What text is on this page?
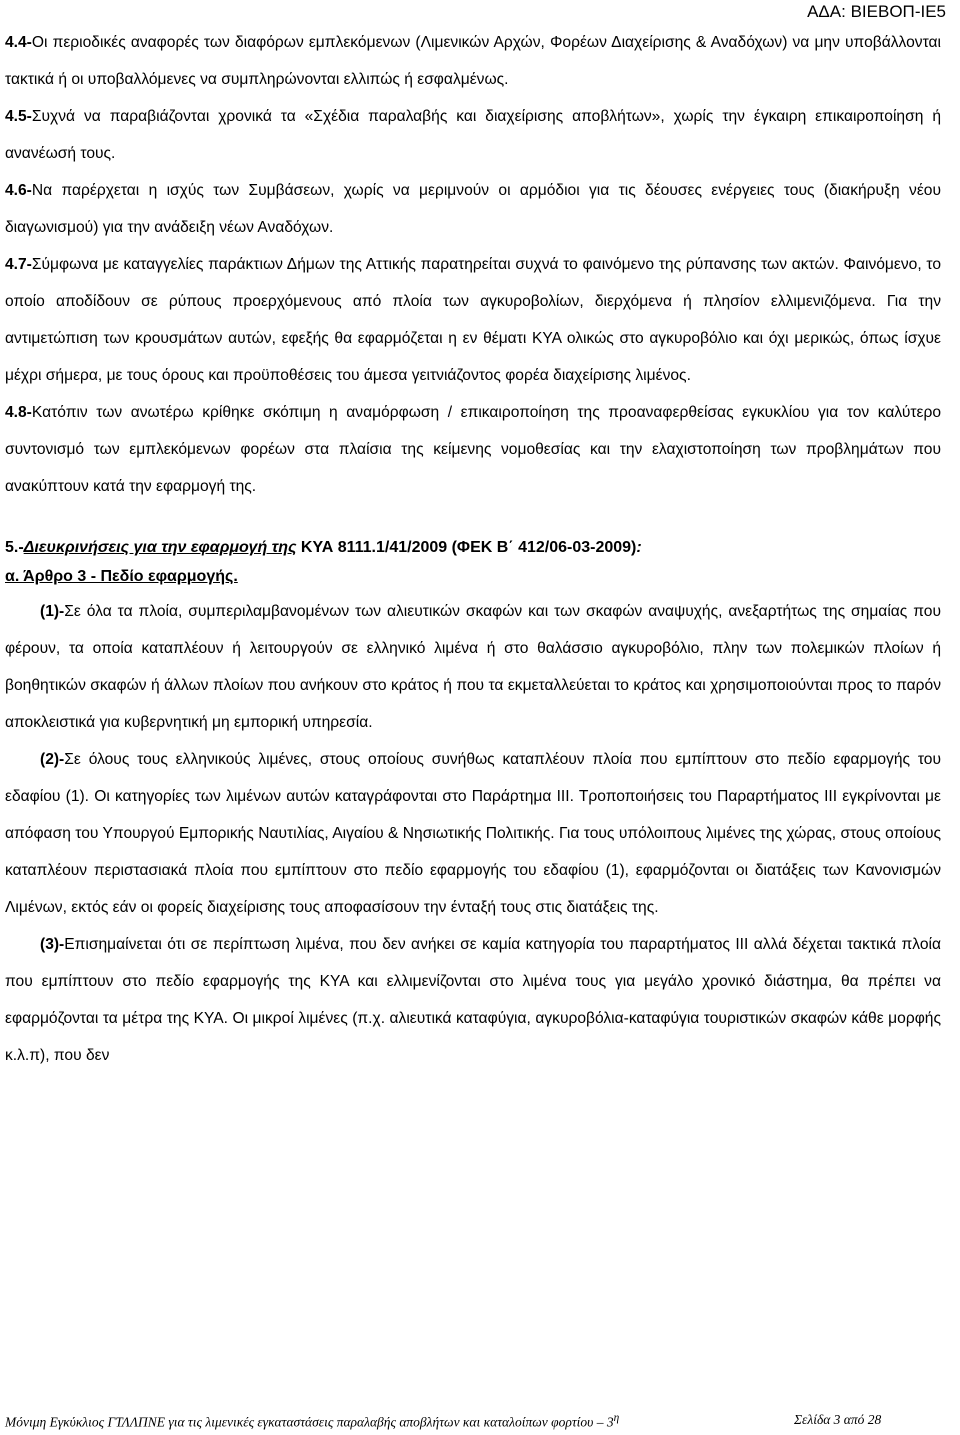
ΑΔΑ: ΒΙΕΒΟΠ-ΙΕ5

4.4-Οι περιοδικές αναφορές των διαφόρων εμπλεκόμενων (Λιμενικών Αρχών, Φορέων Διαχείρισης & Αναδόχων) να μην υποβάλλονται τακτικά ή οι υποβαλλόμενες να συμπληρώνονται ελλιπώς ή εσφαλμένως.

4.5-Συχνά να παραβιάζονται χρονικά τα «Σχέδια παραλαβής και διαχείρισης αποβλήτων», χωρίς την έγκαιρη επικαιροποίηση ή ανανέωσή τους.

4.6-Να παρέρχεται η ισχύς των Συμβάσεων, χωρίς να μεριμνούν οι αρμόδιοι για τις δέουσες ενέργειες τους (διακήρυξη νέου διαγωνισμού) για την ανάδειξη νέων Αναδόχων.

4.7-Σύμφωνα με καταγγελίες παράκτιων Δήμων της Αττικής παρατηρείται συχνά το φαινόμενο της ρύπανσης των ακτών. Φαινόμενο, το οποίο αποδίδουν σε ρύπους προερχόμενους από πλοία των αγκυροβολίων, διερχόμενα ή πλησίον ελλιμενιζόμενα. Για την αντιμετώπιση των κρουσμάτων αυτών, εφεξής θα εφαρμόζεται η εν θέματι ΚΥΑ ολικώς στο αγκυροβόλιο και όχι μερικώς, όπως ίσχυε μέχρι σήμερα, με τους όρους και προϋποθέσεις του άμεσα γειτνιάζοντος φορέα διαχείρισης λιμένος.

4.8-Κατόπιν των ανωτέρω κρίθηκε σκόπιμη η αναμόρφωση / επικαιροποίηση της προαναφερθείσας εγκυκλίου για τον καλύτερο συντονισμό των εμπλεκόμενων φορέων στα πλαίσια της κείμενης νομοθεσίας και την ελαχιστοποίηση των προβλημάτων που ανακύπτουν κατά την εφαρμογή της.

5.-Διευκρινήσεις για την εφαρμογή της ΚΥΑ 8111.1/41/2009 (ΦΕΚ Β΄ 412/06-03-2009):

α. Άρθρο 3 - Πεδίο εφαρμογής.

(1)-Σε όλα τα πλοία, συμπεριλαμβανομένων των αλιευτικών σκαφών και των σκαφών αναψυχής, ανεξαρτήτως της σημαίας που φέρουν, τα οποία καταπλέουν ή λειτουργούν σε ελληνικό λιμένα ή στο θαλάσσιο αγκυροβόλιο, πλην των πολεμικών πλοίων ή βοηθητικών σκαφών ή άλλων πλοίων που ανήκουν στο κράτος ή που τα εκμεταλλεύεται το κράτος και χρησιμοποιούνται προς το παρόν αποκλειστικά για κυβερνητική μη εμπορική υπηρεσία.

(2)-Σε όλους τους ελληνικούς λιμένες, στους οποίους συνήθως καταπλέουν πλοία που εμπίπτουν στο πεδίο εφαρμογής του εδαφίου (1). Οι κατηγορίες των λιμένων αυτών καταγράφονται στο Παράρτημα ΙΙΙ. Τροποποιήσεις του Παραρτήματος ΙΙΙ εγκρίνονται με απόφαση του Υπουργού Εμπορικής Ναυτιλίας, Αιγαίου & Νησιωτικής Πολιτικής. Για τους υπόλοιπους λιμένες της χώρας, στους οποίους καταπλέουν περιστασιακά πλοία που εμπίπτουν στο πεδίο εφαρμογής του εδαφίου (1), εφαρμόζονται οι διατάξεις των Κανονισμών Λιμένων, εκτός εάν οι φορείς διαχείρισης τους αποφασίσουν την ένταξή τους στις διατάξεις της.

(3)-Επισημαίνεται ότι σε περίπτωση λιμένα, που δεν ανήκει σε καμία κατηγορία του παραρτήματος ΙΙΙ αλλά δέχεται τακτικά πλοία που εμπίπτουν στο πεδίο εφαρμογής της ΚΥΑ και ελλιμενίζονται στο λιμένα τους για μεγάλο χρονικό διάστημα, θα πρέπει να εφαρμόζονται τα μέτρα της ΚΥΑ. Οι μικροί λιμένες (π.χ. αλιευτικά καταφύγια, αγκυροβόλια-καταφύγια τουριστικών σκαφών κάθε μορφής κ.λ.π), που δεν

Μόνιμη Εγκύκλιος ΓΤΛΛΠΝΕ για τις λιμενικές εγκαταστάσεις παραλαβής αποβλήτων και καταλοίπων φορτίου – $3^\eta$	Σελίδα 3 από 28
